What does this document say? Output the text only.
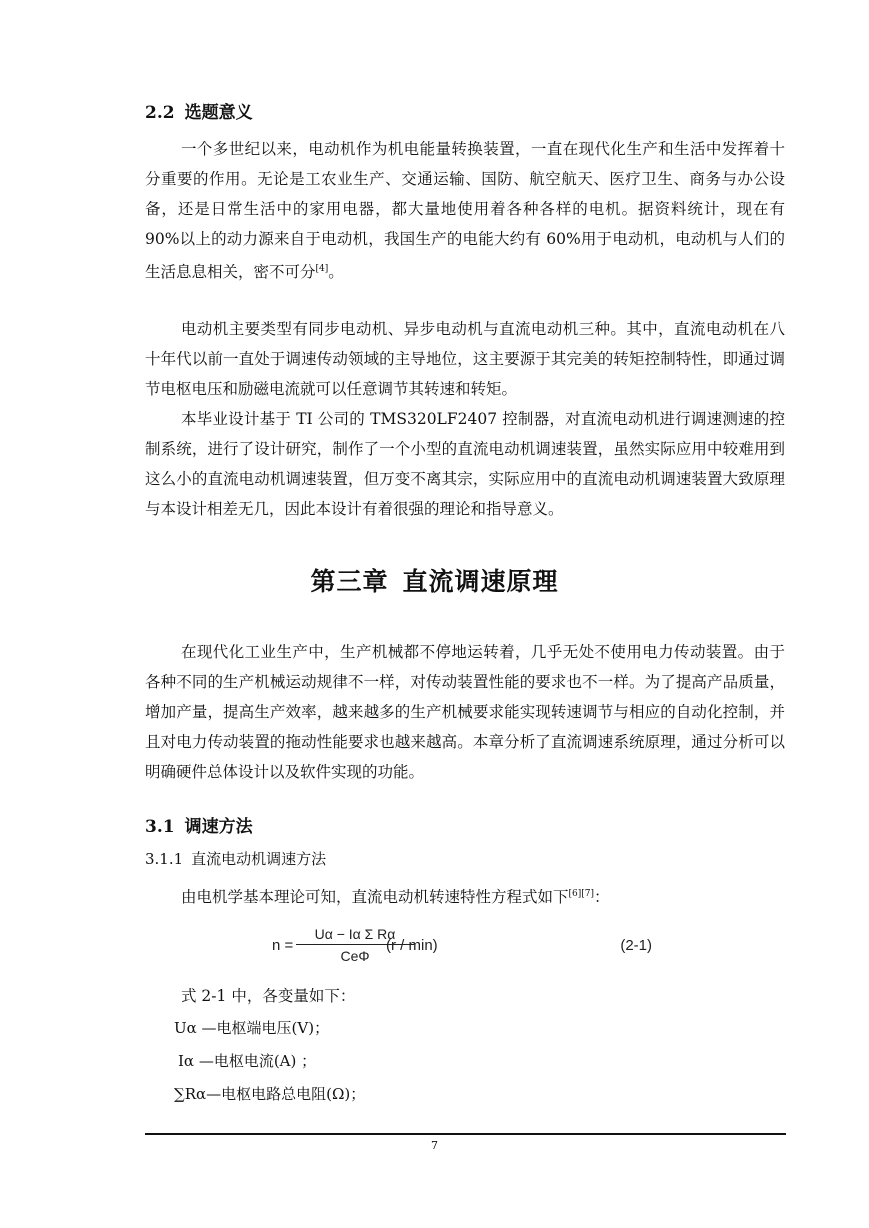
2.2 选题意义

一个多世纪以来，电动机作为机电能量转换装置，一直在现代化生产和生活中发挥着十分重要的作用。无论是工农业生产、交通运输、国防、航空航天、医疗卫生、商务与办公设备，还是日常生活中的家用电器，都大量地使用着各种各样的电机。据资料统计，现在有 90%以上的动力源来自于电动机，我国生产的电能大约有 60%用于电动机，电动机与人们的生活息息相关，密不可分[4]。

电动机主要类型有同步电动机、异步电动机与直流电动机三种。其中，直流电动机在八十年代以前一直处于调速传动领域的主导地位，这主要源于其完美的转矩控制特性，即通过调节电枢电压和励磁电流就可以任意调节其转速和转矩。

本毕业设计基于 TI 公司的 TMS320LF2407 控制器，对直流电动机进行调速测速的控制系统，进行了设计研究，制作了一个小型的直流电动机调速装置，虽然实际应用中较难用到这么小的直流电动机调速装置，但万变不离其宗，实际应用中的直流电动机调速装置大致原理与本设计相差无几，因此本设计有着很强的理论和指导意义。

第三章 直流调速原理

在现代化工业生产中，生产机械都不停地运转着，几乎无处不使用电力传动装置。由于各种不同的生产机械运动规律不一样，对传动装置性能的要求也不一样。为了提高产品质量，增加产量，提高生产效率，越来越多的生产机械要求能实现转速调节与相应的自动化控制，并且对电力传动装置的拖动性能要求也越来越高。本章分析了直流调速系统原理，通过分析可以明确硬件总体设计以及软件实现的功能。

3.1 调速方法
3.1.1 直流电动机调速方法
由电机学基本理论可知，直流电动机转速特性方程式如下[6][7]：
n =
Uα − Iα Σ Rα
CeΦ
(r / min)	(2-1)
式 2-1 中，各变量如下：
Uα —电枢端电压(V)；
Iα —电枢电流(A) ；
∑Rα—电枢电路总电阻(Ω)；
7
